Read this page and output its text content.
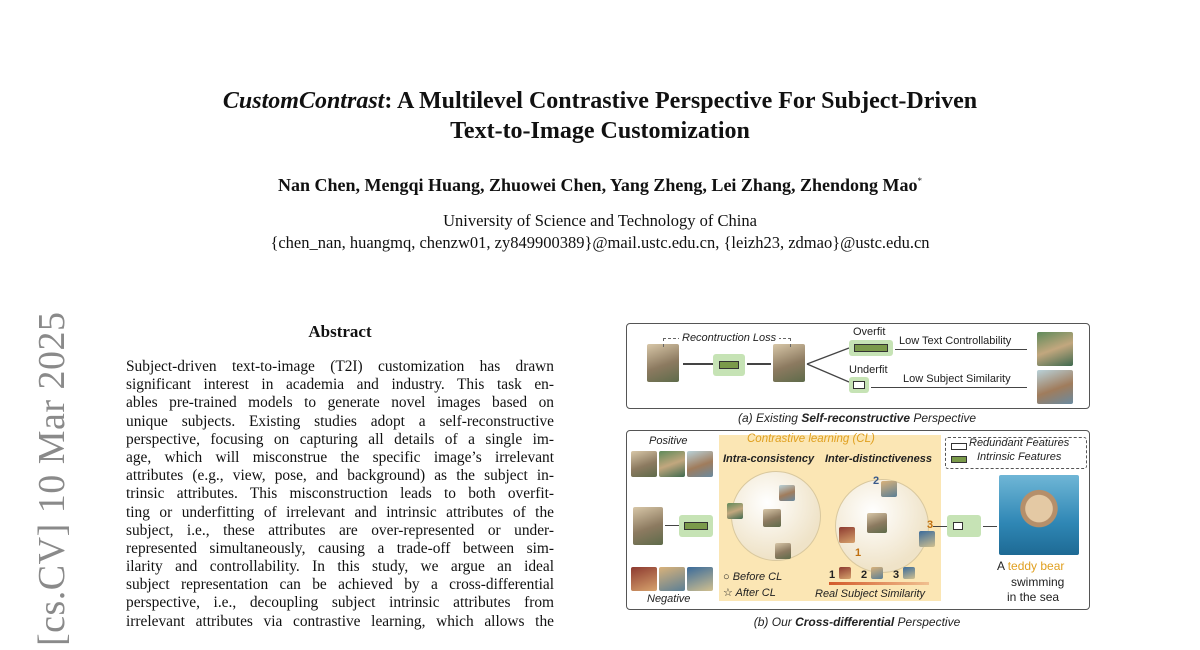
CustomContrast: A Multilevel Contrastive Perspective For Subject-Driven
Text-to-Image Customization
Nan Chen, Mengqi Huang, Zhuowei Chen, Yang Zheng, Lei Zhang, Zhendong Mao*
University of Science and Technology of China
{chen_nan, huangmq, chenzw01, zy849900389}@mail.ustc.edu.cn, {leizh23, zdmao}@ustc.edu.cn
[cs.CV] 10 Mar 2025	Abstract
Subject-driven text-to-image (T2I) customization has drawn
significant interest in academia and industry. This task en-
ables pre-trained models to generate novel images based on
unique subjects. Existing studies adopt a self-reconstructive
perspective, focusing on capturing all details of a single im-
age, which will misconstrue the specific image’s irrelevant
attributes (e.g., view, pose, and background) as the subject in-
trinsic attributes. This misconstruction leads to both overfit-
ting or underfitting of irrelevant and intrinsic attributes of the
subject, i.e., these attributes are over-represented or under-
represented simultaneously, causing a trade-off between sim-
ilarity and controllability. In this study, we argue an ideal
subject representation can be achieved by a cross-differential
perspective, i.e., decoupling subject intrinsic attributes from
irrelevant attributes via contrastive learning, which allows the
Recontruction Loss	Overfit
Underfit
Low Text Controllability
Low Subject Similarity
(a) Existing Self-reconstructive Perspective
Positive
Negative
Contrastive learning (CL)
Intra-consistency Inter-distinctiveness
1
2
3
○ Before CL
☆ After CL
1 2 3
Real Subject Similarity
Redundant Features
Intrinsic Features
A teddy bear
swimming
in the sea
(b) Our Cross-differential Perspective
